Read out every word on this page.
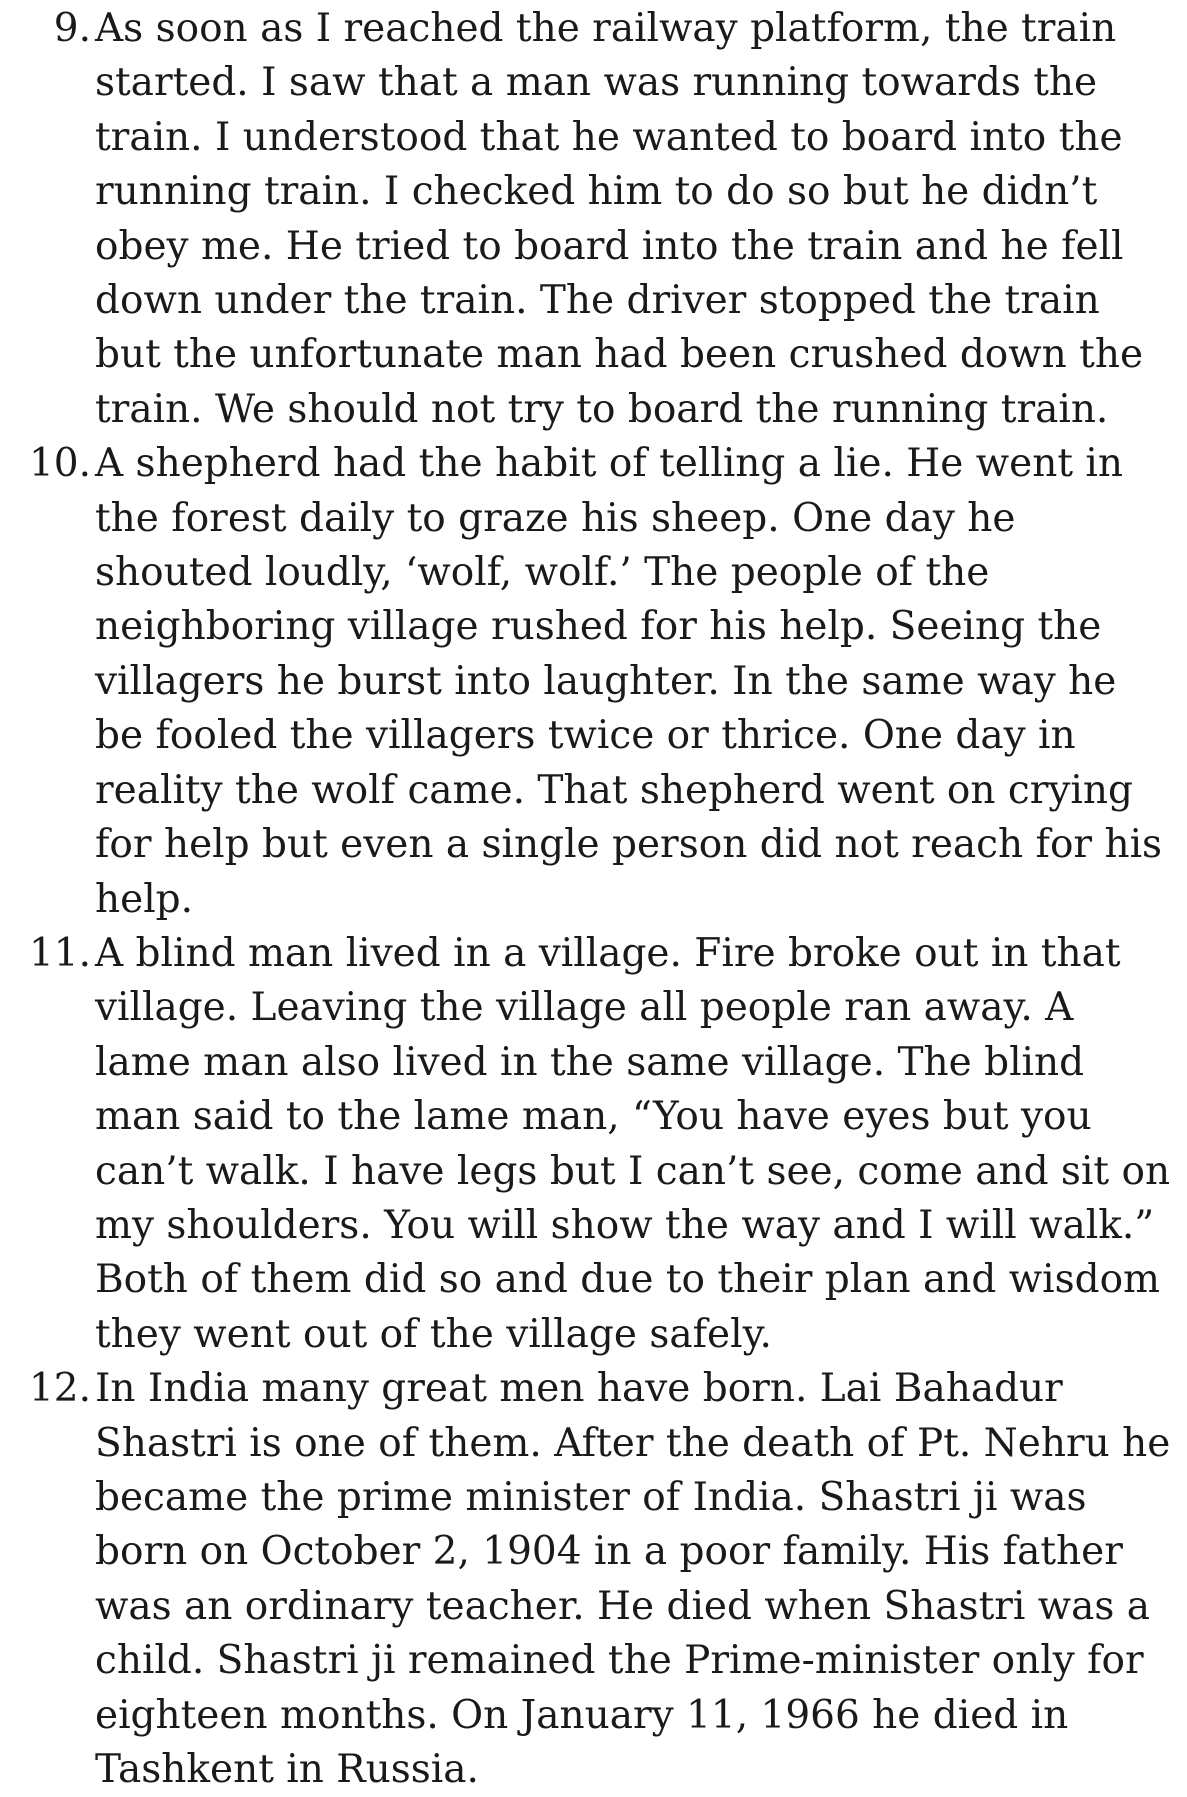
9. As soon as I reached the railway platform, the train started. I saw that a man was running towards the train. I understood that he wanted to board into the running train. I checked him to do so but he didn’t obey me. He tried to board into the train and he fell down under the train. The driver stopped the train but the unfortunate man had been crushed down the train. We should not try to board the running train.

10. A shepherd had the habit of telling a lie. He went in the forest daily to graze his sheep. One day he shouted loudly, ‘wolf, wolf.’ The people of the neighboring village rushed for his help. Seeing the villagers he burst into laughter. In the same way he be fooled the villagers twice or thrice. One day in reality the wolf came. That shepherd went on crying for help but even a single person did not reach for his help.

11. A blind man lived in a village. Fire broke out in that village. Leaving the village all people ran away. A lame man also lived in the same village. The blind man said to the lame man, “You have eyes but you can’t walk. I have legs but I can’t see, come and sit on my shoulders. You will show the way and I will walk.” Both of them did so and due to their plan and wisdom they went out of the village safely.

12. In India many great men have born. Lai Bahadur Shastri is one of them. After the death of Pt. Nehru he became the prime minister of India. Shastri ji was born on October 2, 1904 in a poor family. His father was an ordinary teacher. He died when Shastri was a child. Shastri ji remained the Prime-minister only for eighteen months. On January 11, 1966 he died in Tashkent in Russia.
